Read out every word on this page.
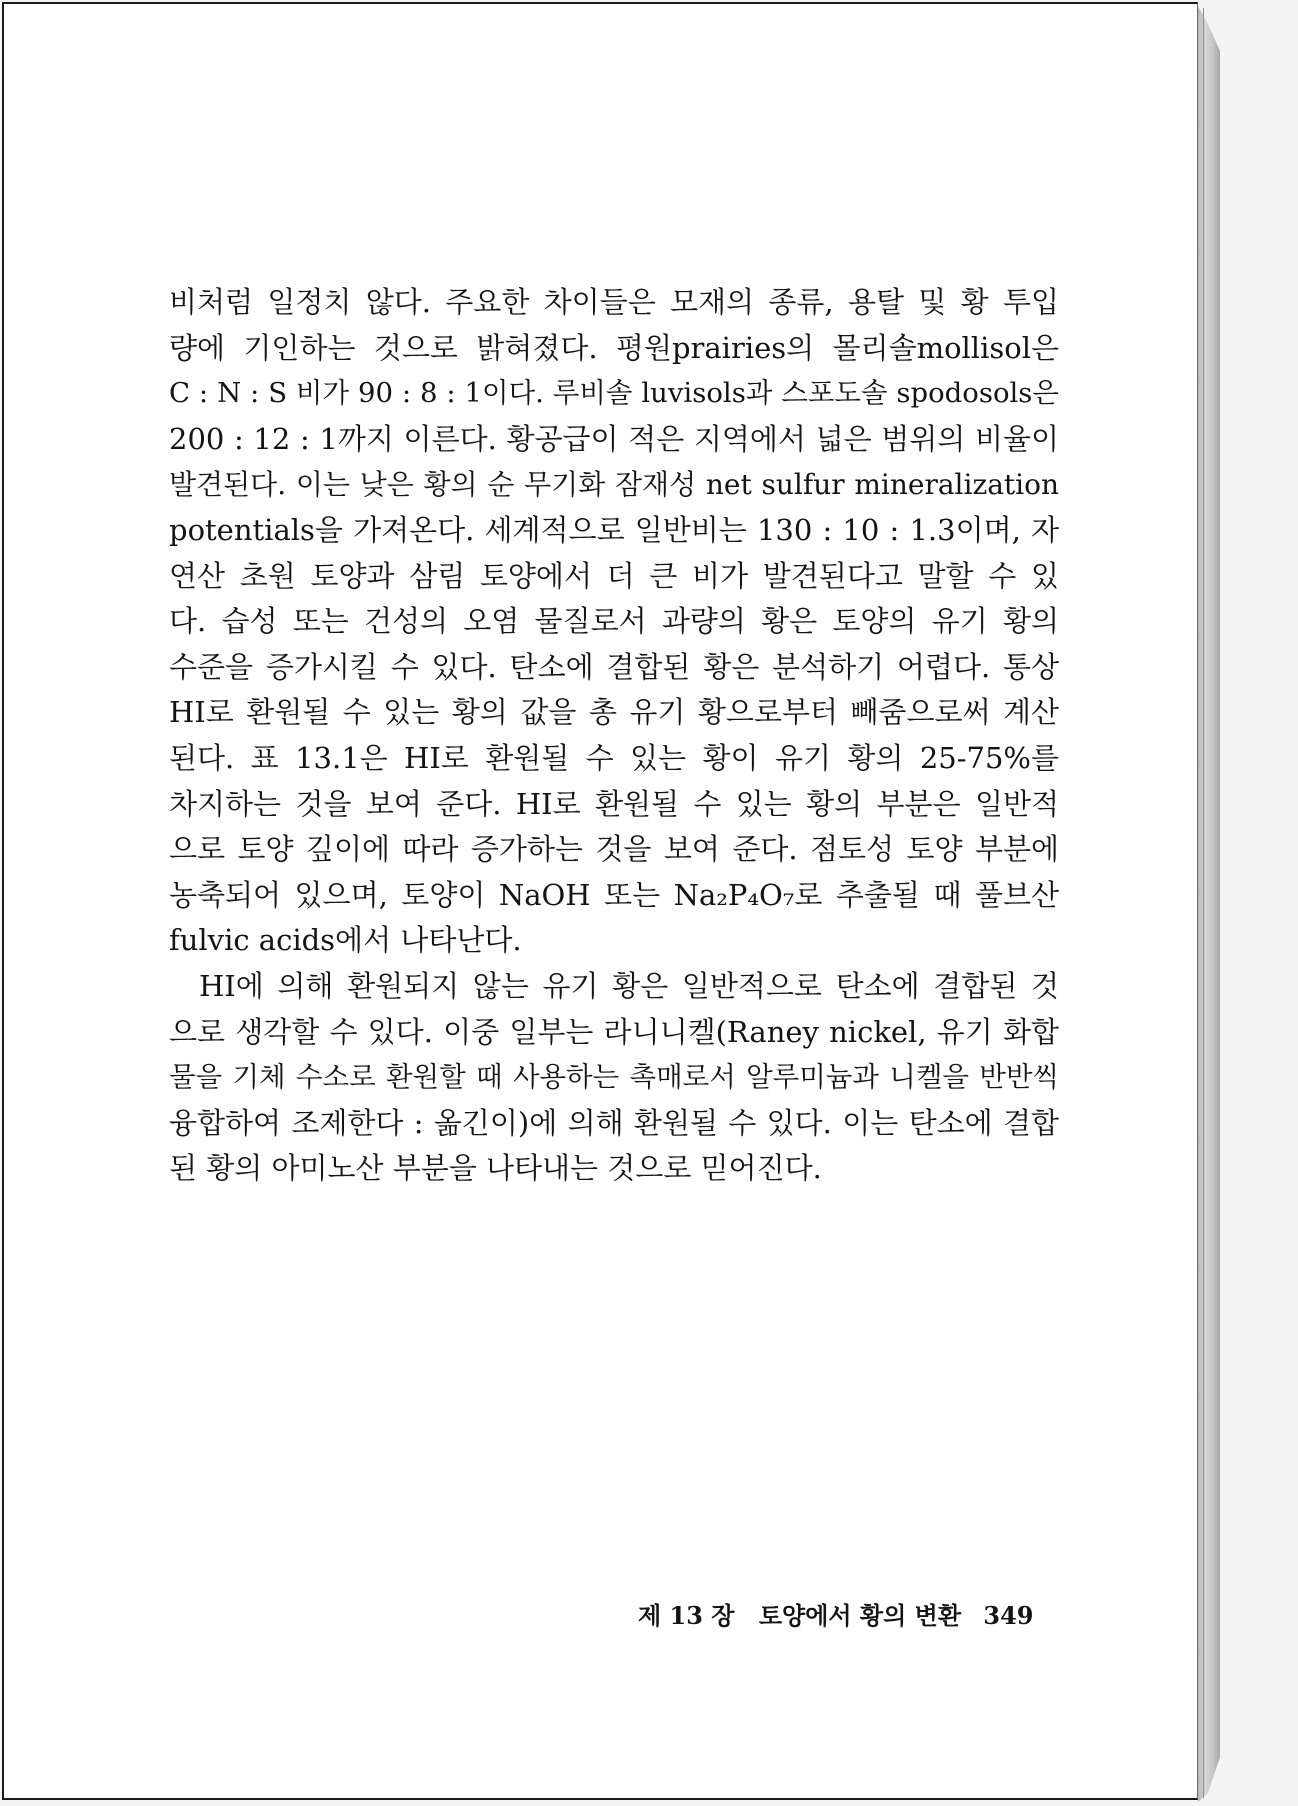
비처럼 일정치 않다. 주요한 차이들은 모재의 종류, 용탈 및 황 투입
량에 기인하는 것으로 밝혀졌다. 평원prairies의 몰리솔mollisol은
C : N : S 비가 90 : 8 : 1이다. 루비솔 luvisols과 스포도솔 spodosols은
200 : 12 : 1까지 이른다. 황공급이 적은 지역에서 넓은 범위의 비율이
발견된다. 이는 낮은 황의 순 무기화 잠재성 net sulfur mineralization
potentials을 가져온다. 세계적으로 일반비는 130 : 10 : 1.3이며, 자
연산 초원 토양과 삼림 토양에서 더 큰 비가 발견된다고 말할 수 있
다. 습성 또는 건성의 오염 물질로서 과량의 황은 토양의 유기 황의
수준을 증가시킬 수 있다. 탄소에 결합된 황은 분석하기 어렵다. 통상
HI로 환원될 수 있는 황의 값을 총 유기 황으로부터 빼줌으로써 계산
된다. 표 13.1은 HI로 환원될 수 있는 황이 유기 황의 25-75%를
차지하는 것을 보여 준다. HI로 환원될 수 있는 황의 부분은 일반적
으로 토양 깊이에 따라 증가하는 것을 보여 준다. 점토성 토양 부분에
농축되어 있으며, 토양이 NaOH 또는 Na₂P₄O₇로 추출될 때 풀브산
fulvic acids에서 나타난다.
HI에 의해 환원되지 않는 유기 황은 일반적으로 탄소에 결합된 것
으로 생각할 수 있다. 이중 일부는 라니니켈(Raney nickel, 유기 화합
물을 기체 수소로 환원할 때 사용하는 촉매로서 알루미늄과 니켈을 반반씩
융합하여 조제한다 : 옮긴이)에 의해 환원될 수 있다. 이는 탄소에 결합
된 황의 아미노산 부분을 나타내는 것으로 믿어진다.
제 13 장 토양에서 황의 변환 349
